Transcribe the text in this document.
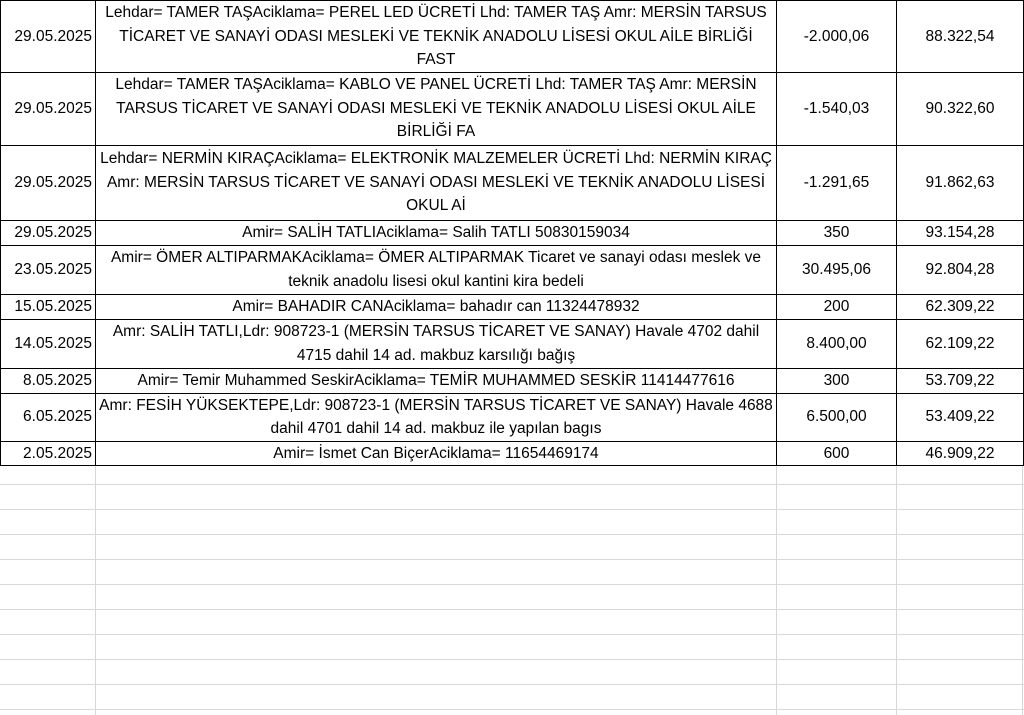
29.05.2025	Lehdar= TAMER TAŞAciklama= PEREL LED ÜCRETİ Lhd: TAMER TAŞ Amr: MERSİN TARSUS TİCARET VE SANAYİ ODASI MESLEKİ VE TEKNİK ANADOLU LİSESİ OKUL AİLE BİRLİĞİ FAST	-2.000,06	88.322,54
29.05.2025	Lehdar= TAMER TAŞAciklama= KABLO VE PANEL ÜCRETİ Lhd: TAMER TAŞ Amr: MERSİN TARSUS TİCARET VE SANAYİ ODASI MESLEKİ VE TEKNİK ANADOLU LİSESİ OKUL AİLE BİRLİĞİ FA	-1.540,03	90.322,60
29.05.2025	Lehdar= NERMİN KIRAÇAciklama= ELEKTRONİK MALZEMELER ÜCRETİ Lhd: NERMİN KIRAÇ Amr: MERSİN TARSUS TİCARET VE SANAYİ ODASI MESLEKİ VE TEKNİK ANADOLU LİSESİ OKUL Aİ	-1.291,65	91.862,63
29.05.2025	Amir= SALİH TATLIAciklama= Salih TATLI 50830159034	350	93.154,28
23.05.2025	Amir= ÖMER ALTIPARMAKAciklama= ÖMER ALTIPARMAK Ticaret ve sanayi odası meslek ve teknik anadolu lisesi okul kantini kira bedeli	30.495,06	92.804,28
15.05.2025	Amir= BAHADIR CANAciklama= bahadır can 11324478932	200	62.309,22
14.05.2025	Amr: SALİH TATLI,Ldr: 908723-1 (MERSİN TARSUS TİCARET VE SANAY) Havale 4702 dahil 4715 dahil 14 ad. makbuz karsılığı bağış	8.400,00	62.109,22
8.05.2025	Amir= Temir Muhammed SeskirAciklama= TEMİR MUHAMMED SESKİR 11414477616	300	53.709,22
6.05.2025	Amr: FESİH YÜKSEKTEPE,Ldr: 908723-1 (MERSİN TARSUS TİCARET VE SANAY) Havale 4688 dahil 4701 dahil 14 ad. makbuz ile yapılan bagıs	6.500,00	53.409,22
2.05.2025	Amir= İsmet Can BiçerAciklama= 11654469174	600	46.909,22
